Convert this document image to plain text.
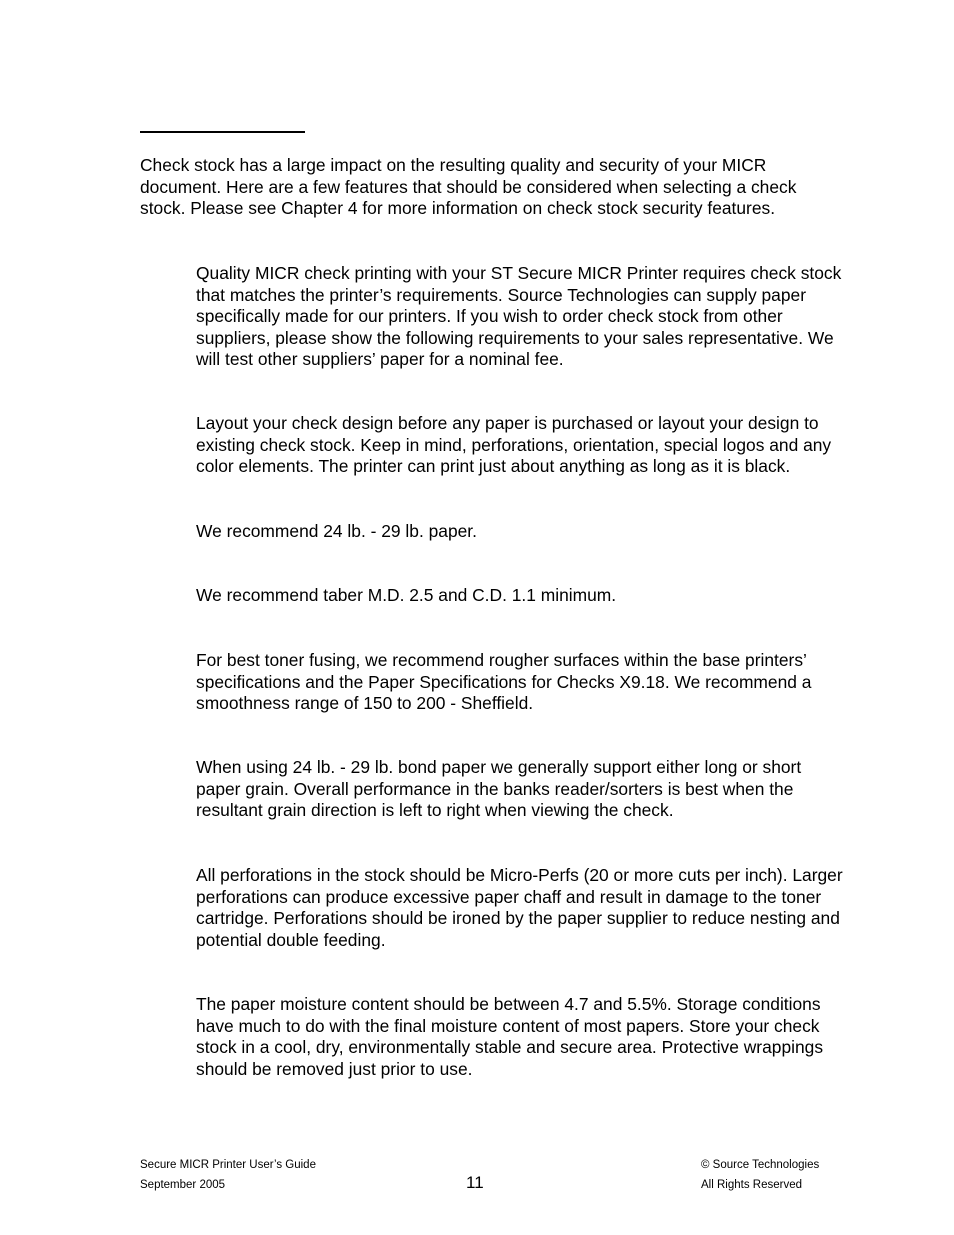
Check stock has a large impact on the resulting quality and security of your MICR
document. Here are a few features that should be considered when selecting a check
stock. Please see Chapter 4 for more information on check stock security features.

Quality MICR check printing with your ST Secure MICR Printer requires check stock
that matches the printer’s requirements. Source Technologies can supply paper
specifically made for our printers. If you wish to order check stock from other
suppliers, please show the following requirements to your sales representative. We
will test other suppliers’ paper for a nominal fee.

Layout your check design before any paper is purchased or layout your design to
existing check stock. Keep in mind, perforations, orientation, special logos and any
color elements. The printer can print just about anything as long as it is black.

We recommend 24 lb. - 29 lb. paper.

We recommend taber M.D. 2.5 and C.D. 1.1 minimum.

For best toner fusing, we recommend rougher surfaces within the base printers’
specifications and the Paper Specifications for Checks X9.18. We recommend a
smoothness range of 150 to 200 - Sheffield.

When using 24 lb. - 29 lb. bond paper we generally support either long or short
paper grain. Overall performance in the banks reader/sorters is best when the
resultant grain direction is left to right when viewing the check.

All perforations in the stock should be Micro-Perfs (20 or more cuts per inch). Larger
perforations can produce excessive paper chaff and result in damage to the toner
cartridge. Perforations should be ironed by the paper supplier to reduce nesting and
potential double feeding.

The paper moisture content should be between 4.7 and 5.5%. Storage conditions
have much to do with the final moisture content of most papers. Store your check
stock in a cool, dry, environmentally stable and secure area. Protective wrappings
should be removed just prior to use.

Secure MICR Printer User’s Guide
September 2005	11
© Source Technologies
All Rights Reserved
